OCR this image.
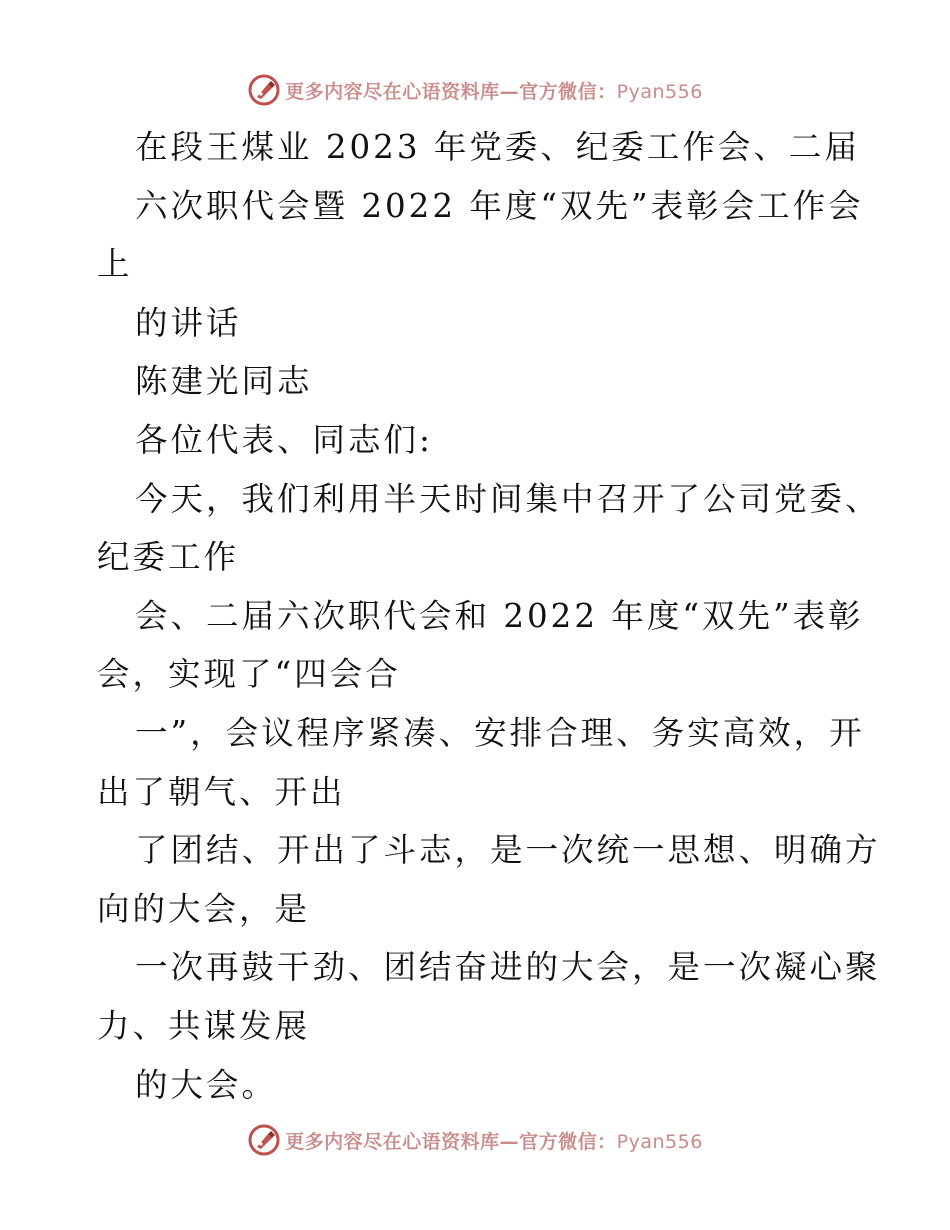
更多内容尽在心语资料库—官方微信：Pyan556
在段王煤业 2023 年党委、纪委工作会、二届
六次职代会暨 2022 年度“双先”表彰会工作会
上
的讲话
陈建光同志
各位代表、同志们:
今天，我们利用半天时间集中召开了公司党委、
纪委工作
会、二届六次职代会和 2022 年度“双先”表彰
会，实现了“四会合
一”，会议程序紧凑、安排合理、务实高效，开
出了朝气、开出
了团结、开出了斗志，是一次统一思想、明确方
向的大会，是
一次再鼓干劲、团结奋进的大会，是一次凝心聚
力、共谋发展
的大会。
更多内容尽在心语资料库—官方微信：Pyan556
